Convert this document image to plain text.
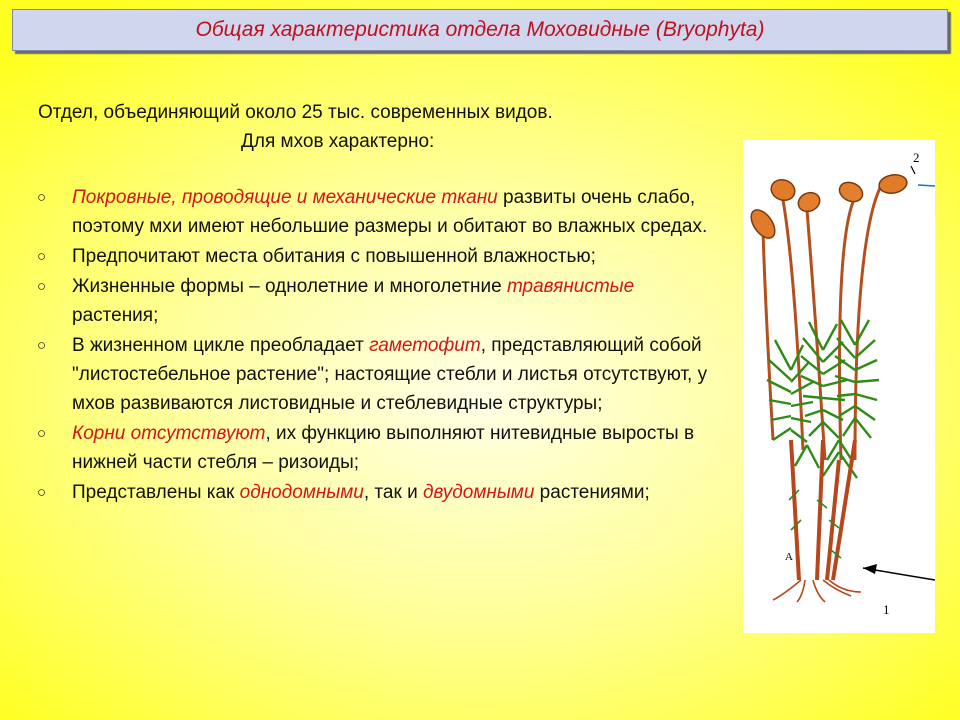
Общая характеристика отдела Моховидные (Bryophyta)
Отдел, объединяющий около 25 тыс. современных видов.
Для мхов характерно:
○ Покровные, проводящие и механические ткани развиты очень слабо, поэтому мхи имеют небольшие размеры и обитают во влажных средах.
○ Предпочитают места обитания с повышенной влажностью;
○ Жизненные формы – однолетние и многолетние травянистые растения;
○ В жизненном цикле преобладает гаметофит, представляющий собой "листостебельное растение"; настоящие стебли и листья отсутствуют, у мхов развиваются листовидные и стеблевидные структуры;
○ Корни отсутствуют, их функцию выполняют нитевидные выросты в нижней части стебля – ризоиды;
○ Представлены как однодомными, так и двудомными растениями;
2
1
А
